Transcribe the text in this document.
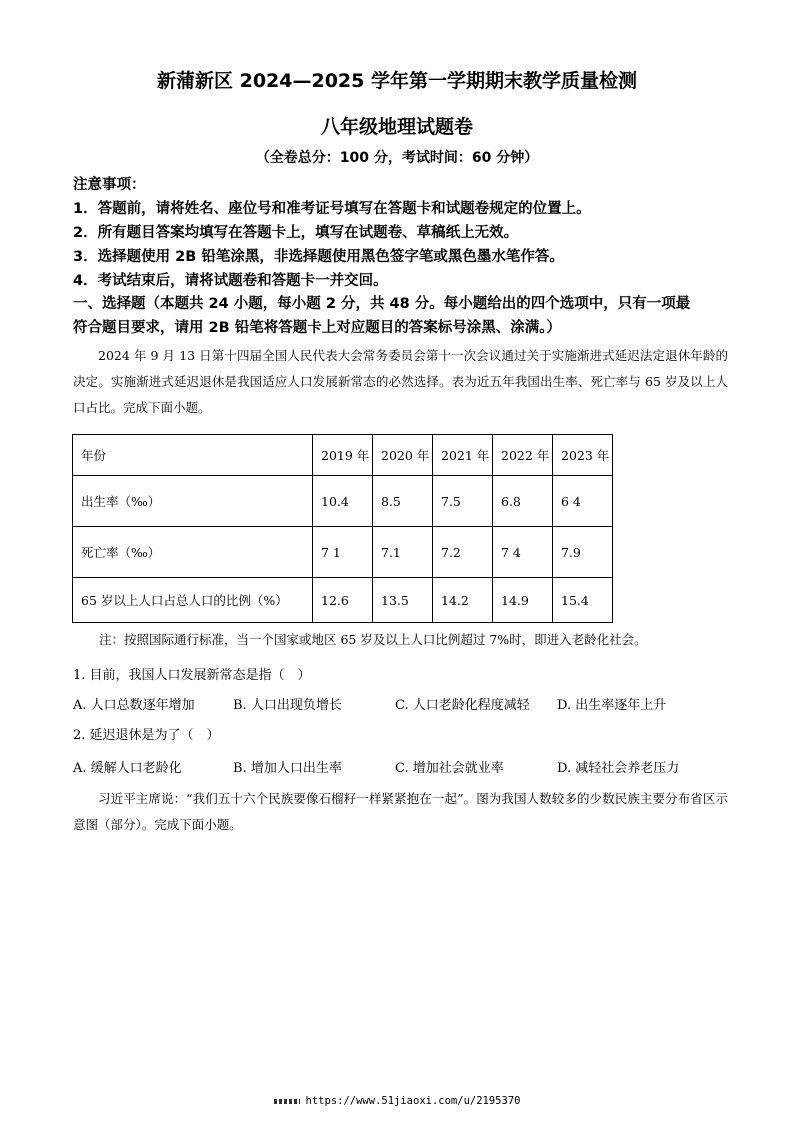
新蒲新区 2024—2025 学年第一学期期末教学质量检测
八年级地理试题卷
（全卷总分：100 分，考试时间：60 分钟）
注意事项：
1．答题前，请将姓名、座位号和准考证号填写在答题卡和试题卷规定的位置上。
2．所有题目答案均填写在答题卡上，填写在试题卷、草稿纸上无效。
3．选择题使用 2B 铅笔涂黑，非选择题使用黑色签字笔或黑色墨水笔作答。
4．考试结束后，请将试题卷和答题卡一并交回。
一、选择题（本题共 24 小题，每小题 2 分，共 48 分。每小题给出的四个选项中，只有一项最
符合题目要求，请用 2B 铅笔将答题卡上对应题目的答案标号涂黑、涂满。）
2024 年 9 月 13 日第十四届全国人民代表大会常务委员会第十一次会议通过关于实施渐进式延迟法定退休年龄的决定。实施渐进式延迟退休是我国适应人口发展新常态的必然选择。表为近五年我国出生率、死亡率与 65 岁及以上人口占比。完成下面小题。
年份	2019 年	2020 年	2021 年	2022 年	2023 年
出生率（‰）	10.4	8.5	7.5	6.8	6 4
死亡率（‰）	7 1	7.1	7.2	7 4	7.9
65 岁以上人口占总人口的比例（%）	12.6	13.5	14.2	14.9	15.4
注：按照国际通行标准，当一个国家或地区 65 岁及以上人口比例超过 7%时，即进入老龄化社会。
1. 目前，我国人口发展新常态是指（　）
A. 人口总数逐年增加	B. 人口出现负增长	C. 人口老龄化程度减轻 D. 出生率逐年上升
2. 延迟退休是为了（　）
A. 缓解人口老龄化	B. 增加人口出生率	C. 增加社会就业率	D. 减轻社会养老压力
习近平主席说：“我们五十六个民族要像石榴籽一样紧紧抱在一起”。图为我国人数较多的少数民族主要分布省区示意图（部分）。完成下面小题。
https://www.51jiaoxi.com/u/2195370
